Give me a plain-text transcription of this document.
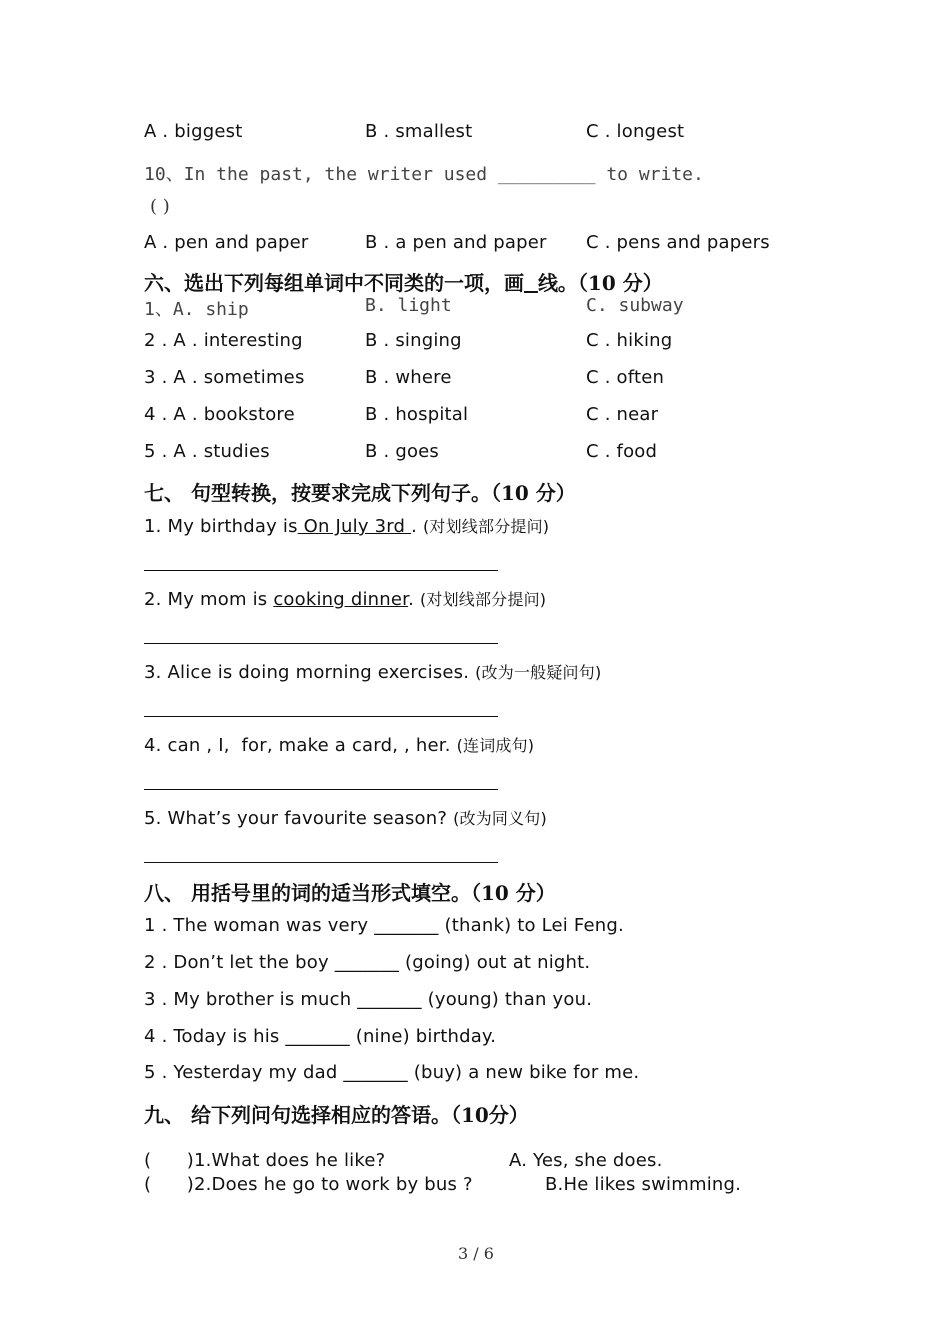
A . biggest	B . smallest	C . longest
10、In the past, the writer used _________ to write.
( )
A . pen and paper	B . a pen and paper C . pens and papers
六、选出下列每组单词中不同类的一项，画 线。（10 分）
1、A. ship	B. light	C. subway
2 . A . interesting	B . singing	C . hiking
3 . A . sometimes	B . where	C . often
4 . A . bookstore	B . hospital	C . near
5 . A . studies	B . goes	C . food
七、 句型转换，按要求完成下列句子。（10 分）
1. My birthday is On July 3rd . (对划线部分提问)
2. My mom is cooking dinner. (对划线部分提问)
3. Alice is doing morning exercises. (改为一般疑问句)
4. can , I,  for, make a card, , her. (连词成句)
5. What’s your favourite season? (改为同义句)
八、 用括号里的词的适当形式填空。（10 分）
1 . The woman was very _______ (thank) to Lei Feng.
2 . Don’t let the boy _______ (going) out at night.
3 . My brother is much _______ (young) than you.
4 . Today is his _______ (nine) birthday.
5 . Yesterday my dad _______ (buy) a new bike for me.
九、 给下列问句选择相应的答语。（10分）
(      )1.What does he like?	A. Yes, she does.
(      )2.Does he go to work by bus ?	B.He likes swimming.
3 / 6
